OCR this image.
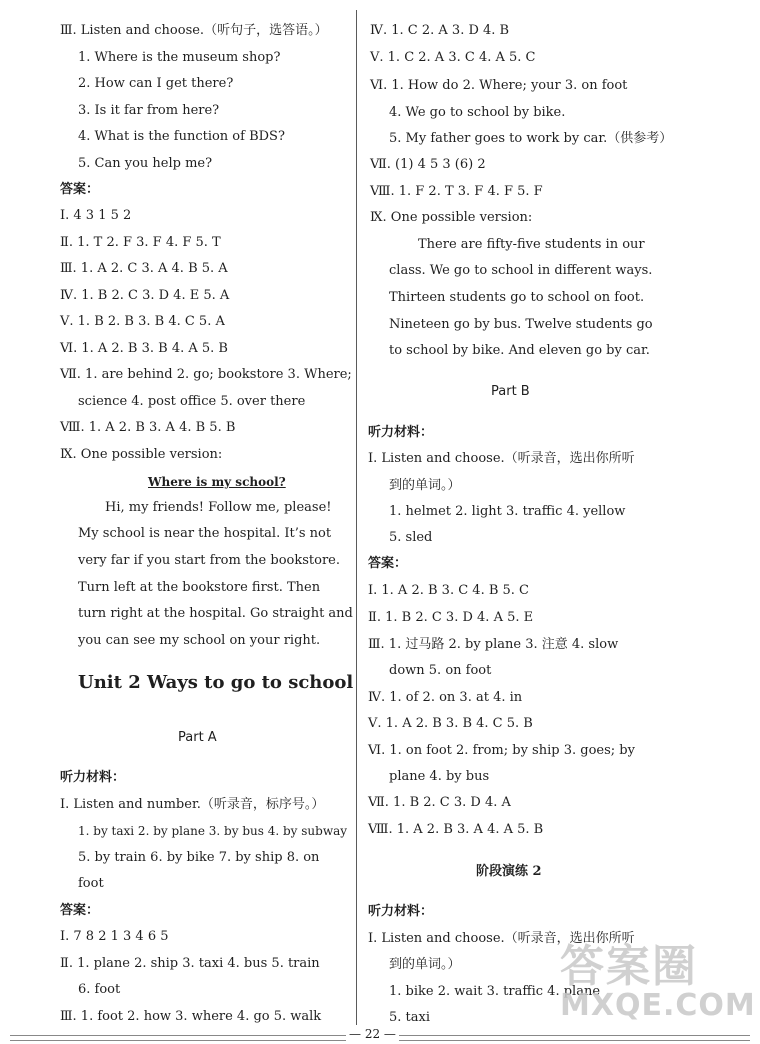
Ⅲ. Listen and choose.（听句子，选答语。）
1. Where is the museum shop?
2. How can I get there?
3. Is it far from here?
4. What is the function of BDS?
5. Can you help me?
答案：
Ⅰ. 4 3 1 5 2
Ⅱ. 1. T 2. F 3. F 4. F 5. T
Ⅲ. 1. A 2. C 3. A 4. B 5. A
Ⅳ. 1. B 2. C 3. D 4. E 5. A
Ⅴ. 1. B 2. B 3. B 4. C 5. A
Ⅵ. 1. A 2. B 3. B 4. A 5. B
Ⅶ. 1. are behind 2. go; bookstore 3. Where;
science 4. post office 5. over there
Ⅷ. 1. A 2. B 3. A 4. B 5. B
Ⅸ. One possible version:
Where is my school?
Hi, my friends! Follow me, please!
My school is near the hospital. It’s not
very far if you start from the bookstore.
Turn left at the bookstore first. Then
turn right at the hospital. Go straight and
you can see my school on your right.
Unit 2 Ways to go to school
Part A
听力材料：
Ⅰ. Listen and number.（听录音，标序号。）
1. by taxi 2. by plane 3. by bus 4. by subway
5. by train 6. by bike 7. by ship 8. on
foot
答案：
Ⅰ. 7 8 2 1 3 4 6 5
Ⅱ. 1. plane 2. ship 3. taxi 4. bus 5. train
6. foot
Ⅲ. 1. foot 2. how 3. where 4. go 5. walk
Ⅳ. 1. C 2. A 3. D 4. B
Ⅴ. 1. C 2. A 3. C 4. A 5. C
Ⅵ. 1. How do 2. Where; your 3. on foot
4. We go to school by bike.
5. My father goes to work by car.（供参考）
Ⅶ. (1) 4 5 3 (6) 2
Ⅷ. 1. F 2. T 3. F 4. F 5. F
Ⅸ. One possible version:
There are fifty-five students in our
class. We go to school in different ways.
Thirteen students go to school on foot.
Nineteen go by bus. Twelve students go
to school by bike. And eleven go by car.
Part B
听力材料：
Ⅰ. Listen and choose.（听录音，选出你所听
到的单词。）
1. helmet 2. light 3. traffic 4. yellow
5. sled
答案：
Ⅰ. 1. A 2. B 3. C 4. B 5. C
Ⅱ. 1. B 2. C 3. D 4. A 5. E
Ⅲ. 1. 过马路 2. by plane 3. 注意 4. slow
down 5. on foot
Ⅳ. 1. of 2. on 3. at 4. in
Ⅴ. 1. A 2. B 3. B 4. C 5. B
Ⅵ. 1. on foot 2. from; by ship 3. goes; by
plane 4. by bus
Ⅶ. 1. B 2. C 3. D 4. A
Ⅷ. 1. A 2. B 3. A 4. A 5. B
阶段演练 2
听力材料：
Ⅰ. Listen and choose.（听录音，选出你所听
到的单词。）
1. bike 2. wait 3. traffic 4. plane
5. taxi
答案圈
MXQE.COM
— 22 —
